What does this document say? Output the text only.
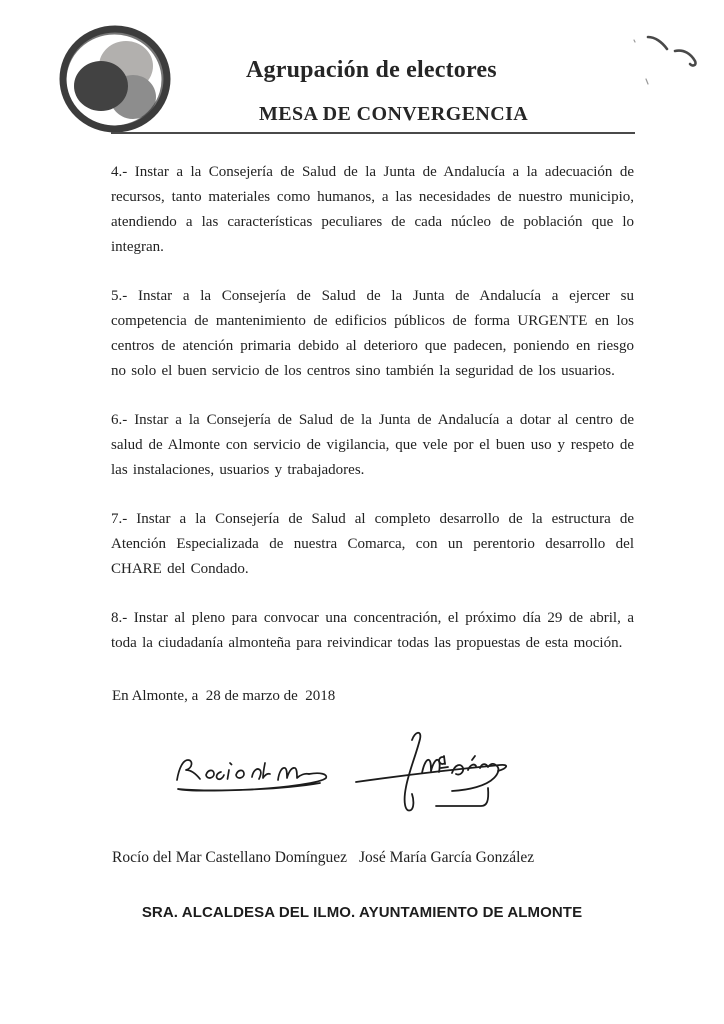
Agrupación de electores
MESA DE CONVERGENCIA

4.- Instar a la Consejería de Salud de la Junta de Andalucía a la adecuación de recursos, tanto materiales como humanos, a las necesidades de nuestro municipio, atendiendo a las características peculiares de cada núcleo de población que lo integran.

5.- Instar a la Consejería de Salud de la Junta de Andalucía a ejercer su competencia de mantenimiento de edificios públicos de forma URGENTE en los centros de atención primaria debido al deterioro que padecen, poniendo en riesgo no solo el buen servicio de los centros sino también la seguridad de los usuarios.

6.- Instar a la Consejería de Salud de la Junta de Andalucía a dotar al centro de salud de Almonte con servicio de vigilancia, que vele por el buen uso y respeto de las instalaciones, usuarios y trabajadores.

7.- Instar a la Consejería de Salud al completo desarrollo de la estructura de Atención Especializada de nuestra Comarca, con un perentorio desarrollo del CHARE del Condado.

8.- Instar al pleno para convocar una concentración, el próximo día 29 de abril, a toda la ciudadanía almonteña para reivindicar todas las propuestas de esta moción.

En Almonte, a  28 de marzo de  2018
Rocío del Mar Castellano Domínguez José María García González
SRA. ALCALDESA DEL ILMO. AYUNTAMIENTO DE ALMONTE
